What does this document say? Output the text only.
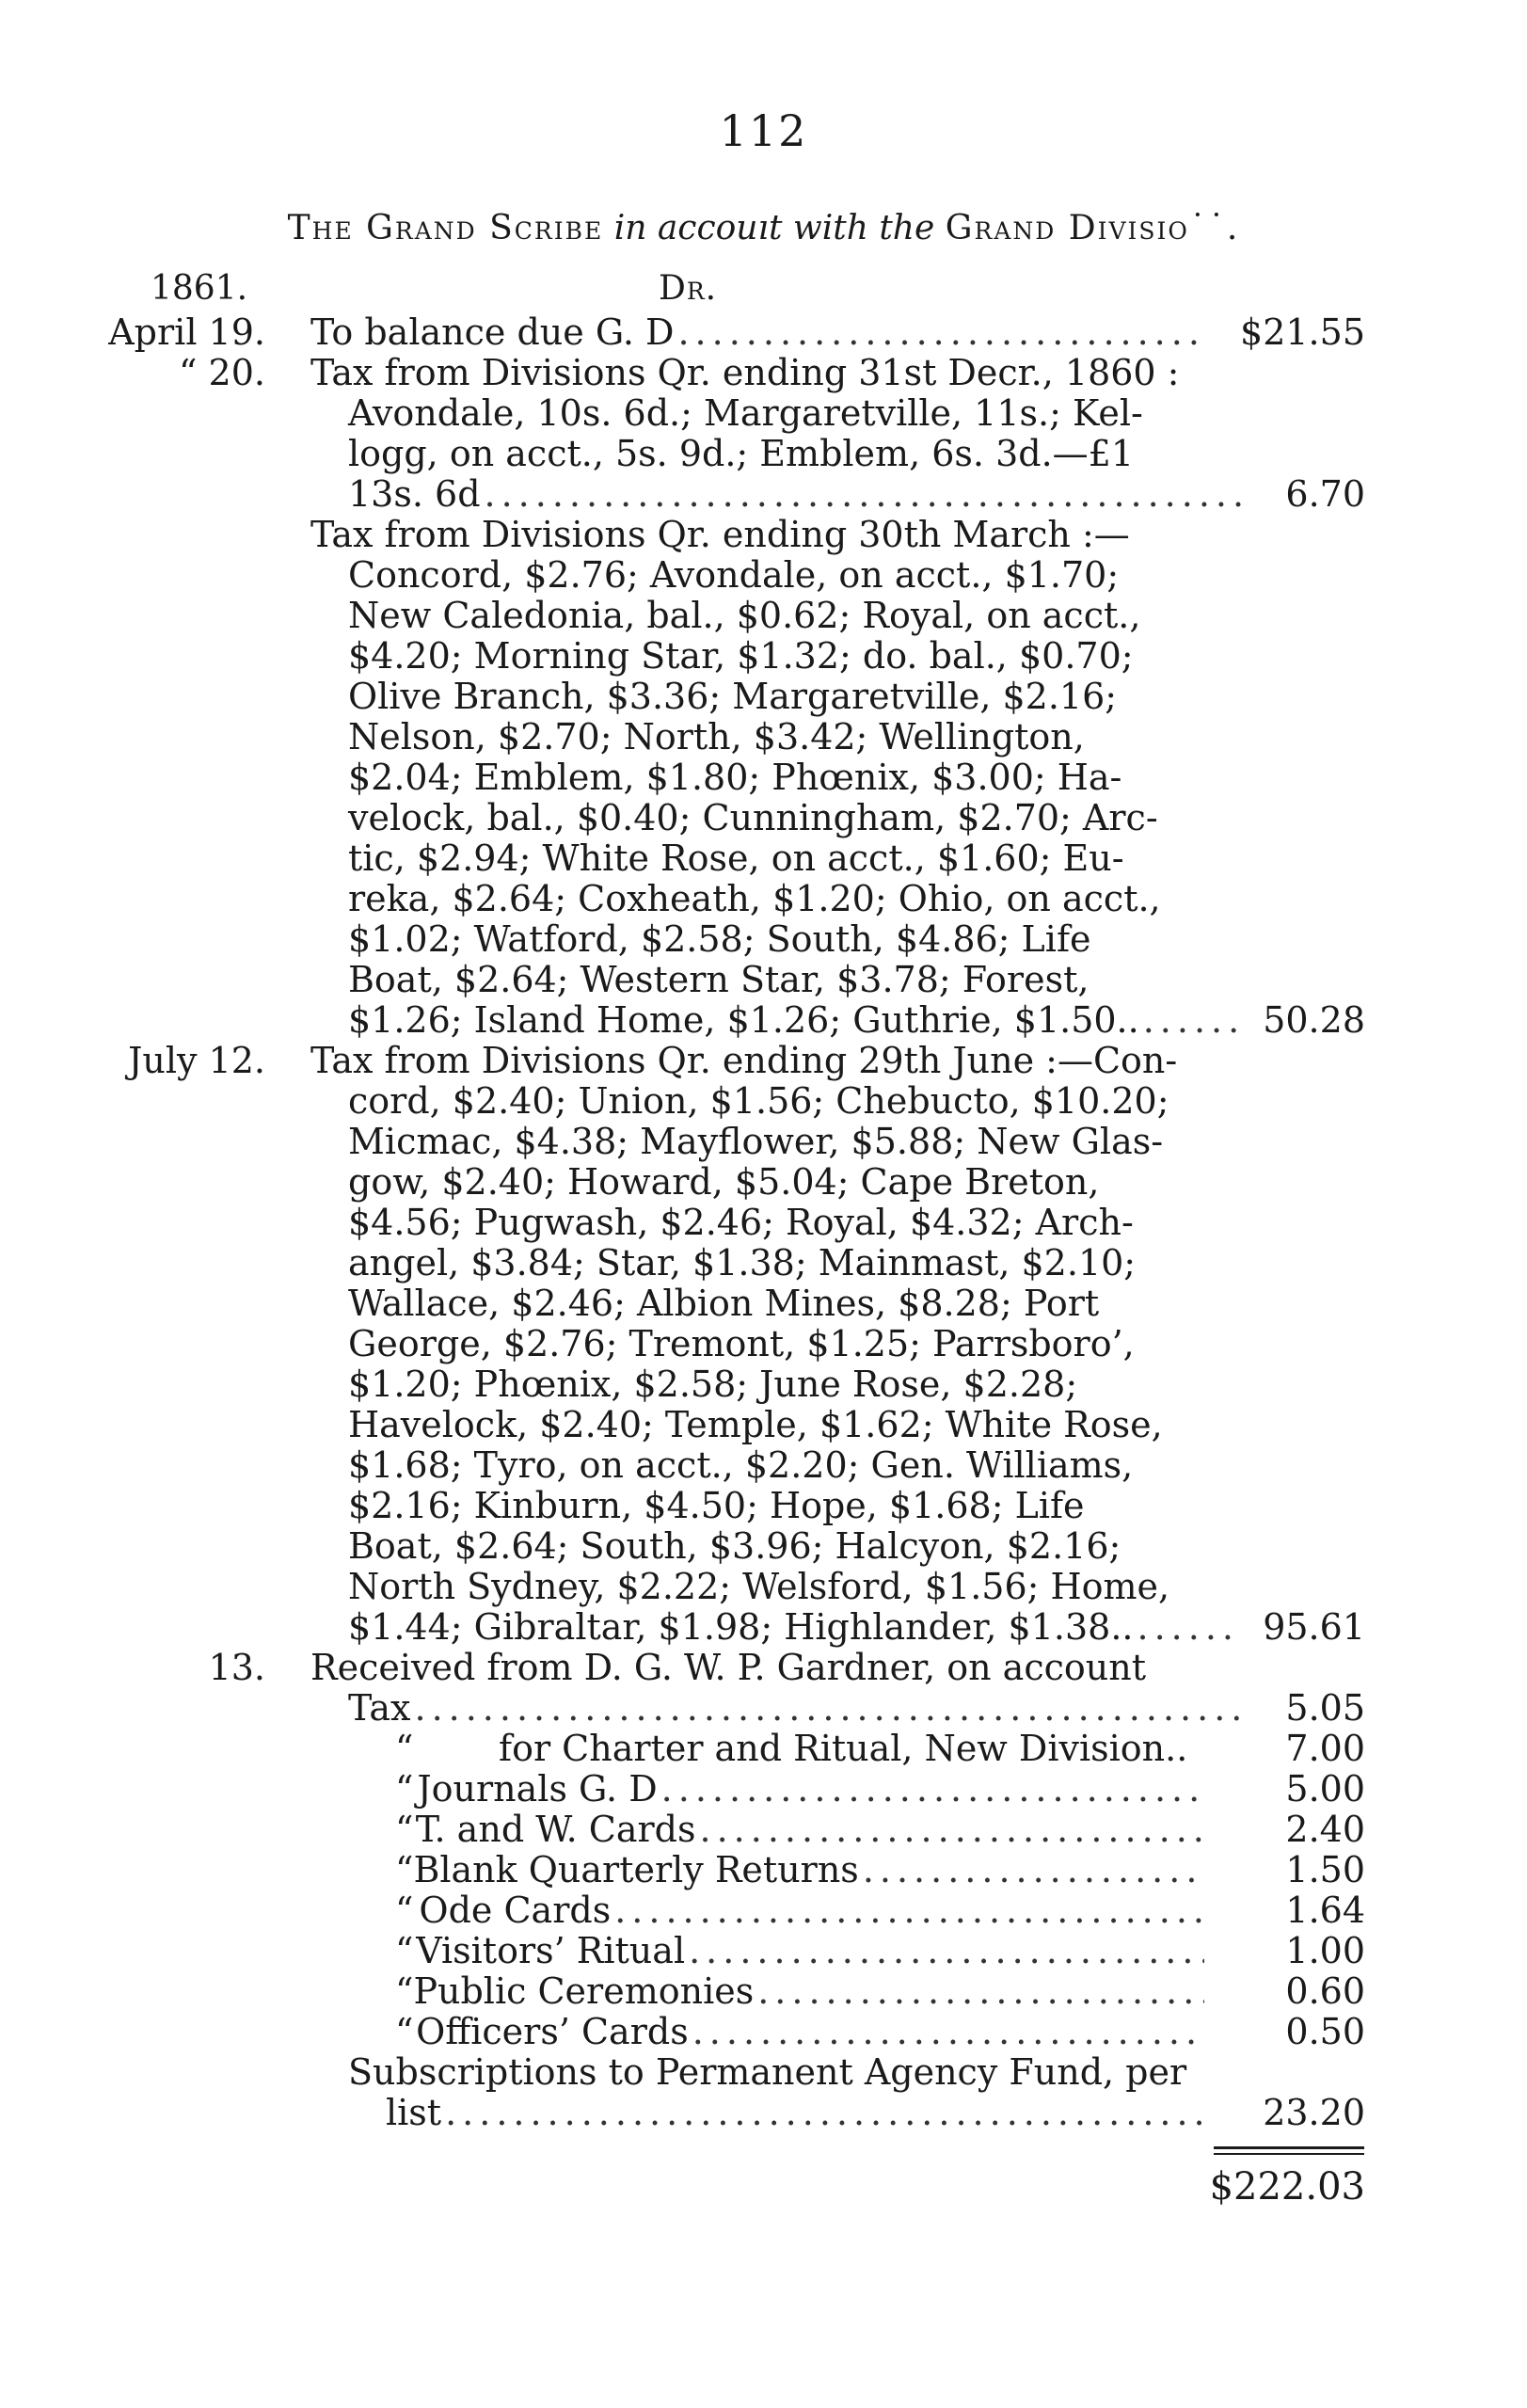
112
The Grand Scribe in accouıt with the Grand Divisio˙˙.
1861.	Dr.
April 19. To balance due G. D .....	$21.55
“ 20. Tax from Divisions Qr. ending 31st Decr., 1860 :
Avondale, 10s. 6d.; Margaretville, 11s.; Kel-
logg, on acct., 5s. 9d.; Emblem, 6s. 3d.—£1
13s. 6d .....	6.70
Tax from Divisions Qr. ending 30th March :—
Concord, $2.76; Avondale, on acct., $1.70;
New Caledonia, bal., $0.62; Royal, on acct.,
$4.20; Morning Star, $1.32; do. bal., $0.70;
Olive Branch, $3.36; Margaretville, $2.16;
Nelson, $2.70; North, $3.42; Wellington,
$2.04; Emblem, $1.80; Phœnix, $3.00; Ha-
velock, bal., $0.40; Cunningham, $2.70; Arc-
tic, $2.94; White Rose, on acct., $1.60; Eu-
reka, $2.64; Coxheath, $1.20; Ohio, on acct.,
$1.02; Watford, $2.58; South, $4.86; Life
Boat, $2.64; Western Star, $3.78; Forest,
$1.26; Island Home, $1.26; Guthrie, $1.50.. .....	50.28
July 12. Tax from Divisions Qr. ending 29th June :—Con-
cord, $2.40; Union, $1.56; Chebucto, $10.20;
Micmac, $4.38; Mayflower, $5.88; New Glas-
gow, $2.40; Howard, $5.04; Cape Breton,
$4.56; Pugwash, $2.46; Royal, $4.32; Arch-
angel, $3.84; Star, $1.38; Mainmast, $2.10;
Wallace, $2.46; Albion Mines, $8.28; Port
George, $2.76; Tremont, $1.25; Parrsboro’,
$1.20; Phœnix, $2.58; June Rose, $2.28;
Havelock, $2.40; Temple, $1.62; White Rose,
$1.68; Tyro, on acct., $2.20; Gen. Williams,
$2.16; Kinburn, $4.50; Hope, $1.68; Life
Boat, $2.64; South, $3.96; Halcyon, $2.16;
North Sydney, $2.22; Welsford, $1.56; Home,
$1.44; Gibraltar, $1.98; Highlander, $1.38.. .....	95.61
13. Received from D. G. W. P. Gardner, on account
Tax .....	5.05
“	for Charter and Ritual, New Division..	7.00
“ Journals G. D .....	5.00
“ T. and W. Cards .....	2.40
“ Blank Quarterly Returns .....	1.50
“ Ode Cards .....	1.64
“ Visitors’ Ritual .....	1.00
“ Public Ceremonies .....	0.60
“ Officers’ Cards .....	0.50
Subscriptions to Permanent Agency Fund, per
list .....	23.20
$222.03
